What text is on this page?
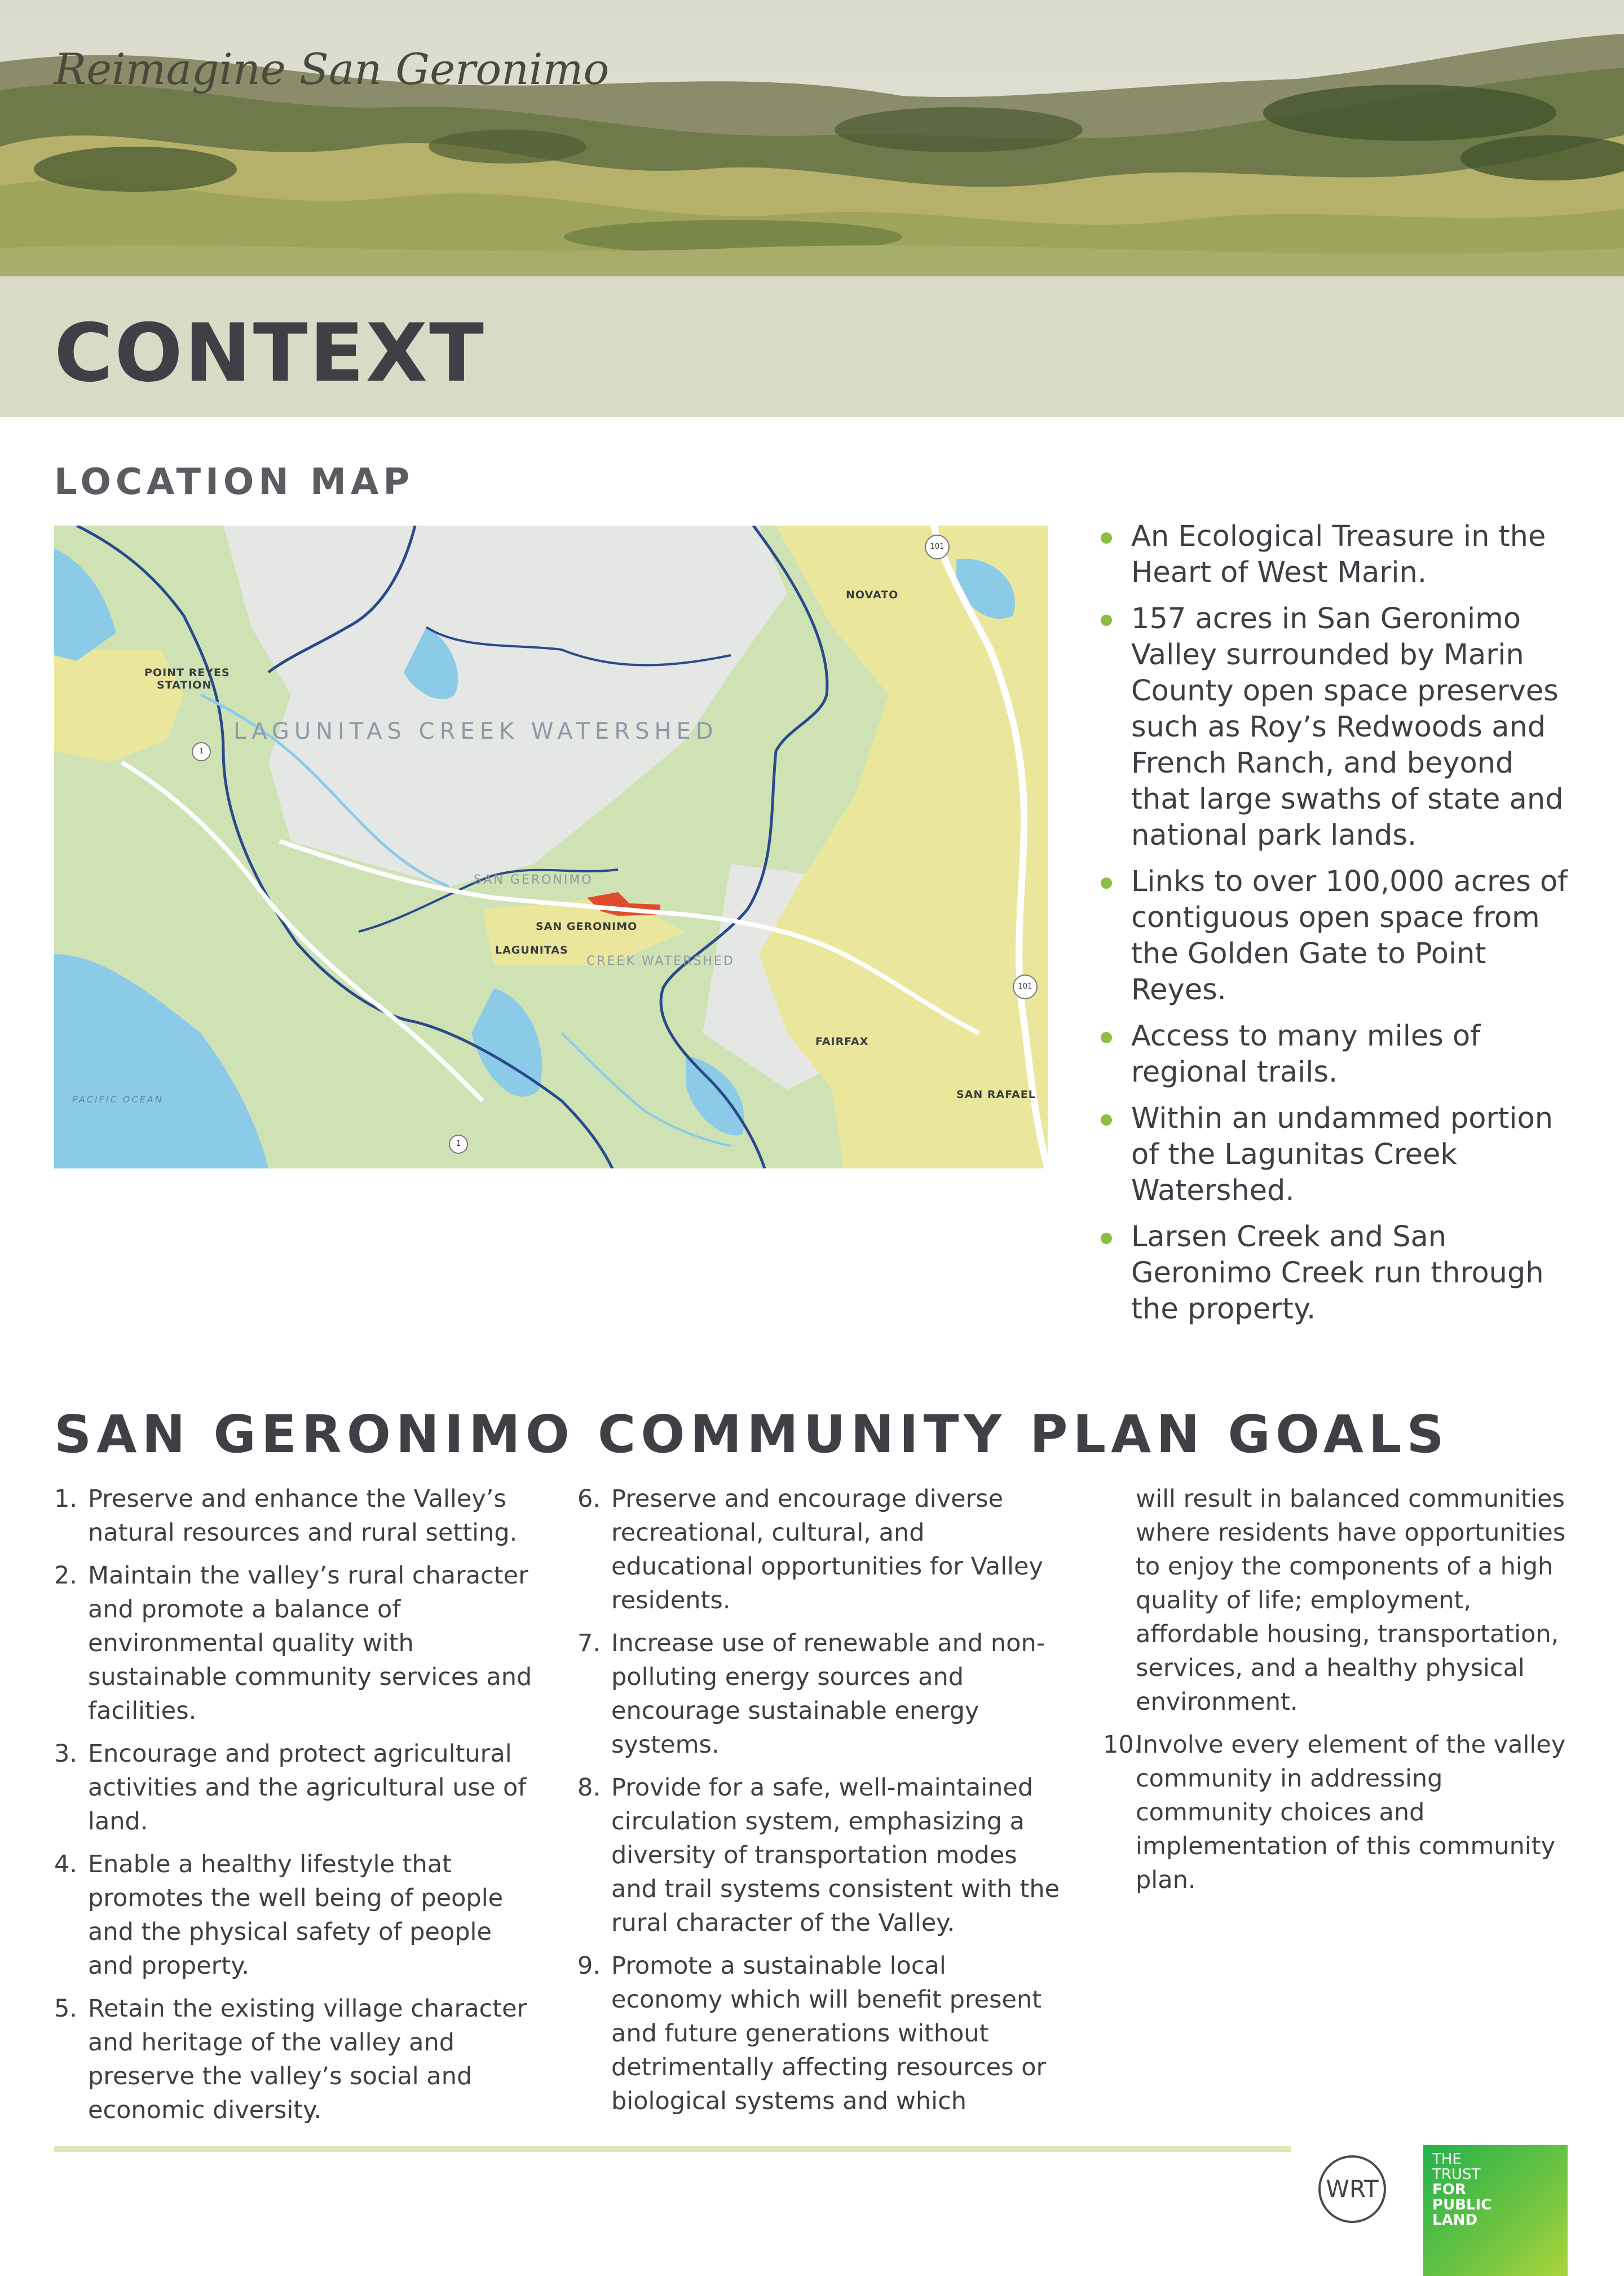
Reimagine San Geronimo
CONTEXT
LOCATION MAP
LAGUNITAS CREEK WATERSHED
SAN GERONIMO
CREEK WATERSHED
POINT REYES
STATION
NOVATO
SAN GERONIMO
LAGUNITAS
FAIRFAX
SAN RAFAEL
PACIFIC OCEAN
101
101
1
1
An Ecological Treasure in the Heart of West Marin.
157 acres in San Geronimo Valley surrounded by Marin County open space preserves such as Roy’s Redwoods and French Ranch, and beyond that large swaths of state and national park lands.
Links to over 100,000 acres of contiguous open space from the Golden Gate to Point Reyes.
Access to many miles of regional trails.
Within an undammed portion of the Lagunitas Creek Watershed.
Larsen Creek and San Geronimo Creek run through the property.
SAN GERONIMO COMMUNITY PLAN GOALS
1. Preserve and enhance the Valley’s natural resources and rural setting.
2. Maintain the valley’s rural character and promote a balance of environmental quality with sustainable community services and facilities.
3. Encourage and protect agricultural activities and the agricultural use of land.
4. Enable a healthy lifestyle that promotes the well being of people and the physical safety of people and property.
5. Retain the existing village character and heritage of the valley and preserve the valley’s social and economic diversity.
6. Preserve and encourage diverse recreational, cultural, and educational opportunities for Valley residents.
7. Increase use of renewable and non-polluting energy sources and encourage sustainable energy systems.
8. Provide for a safe, well-maintained circulation system, emphasizing a diversity of transportation modes and trail systems consistent with the rural character of the Valley.
9. Promote a sustainable local economy which will benefit present and future generations without detrimentally affecting resources or biological systems and which
will result in balanced communities where residents have opportunities to enjoy the components of a high quality of life; employment, affordable housing, transportation, services, and a healthy physical environment.
10.
Involve every element of the valley community in addressing community choices and implementation of this community plan.
WRT
THE
TRUST
FOR
PUBLIC
LAND
